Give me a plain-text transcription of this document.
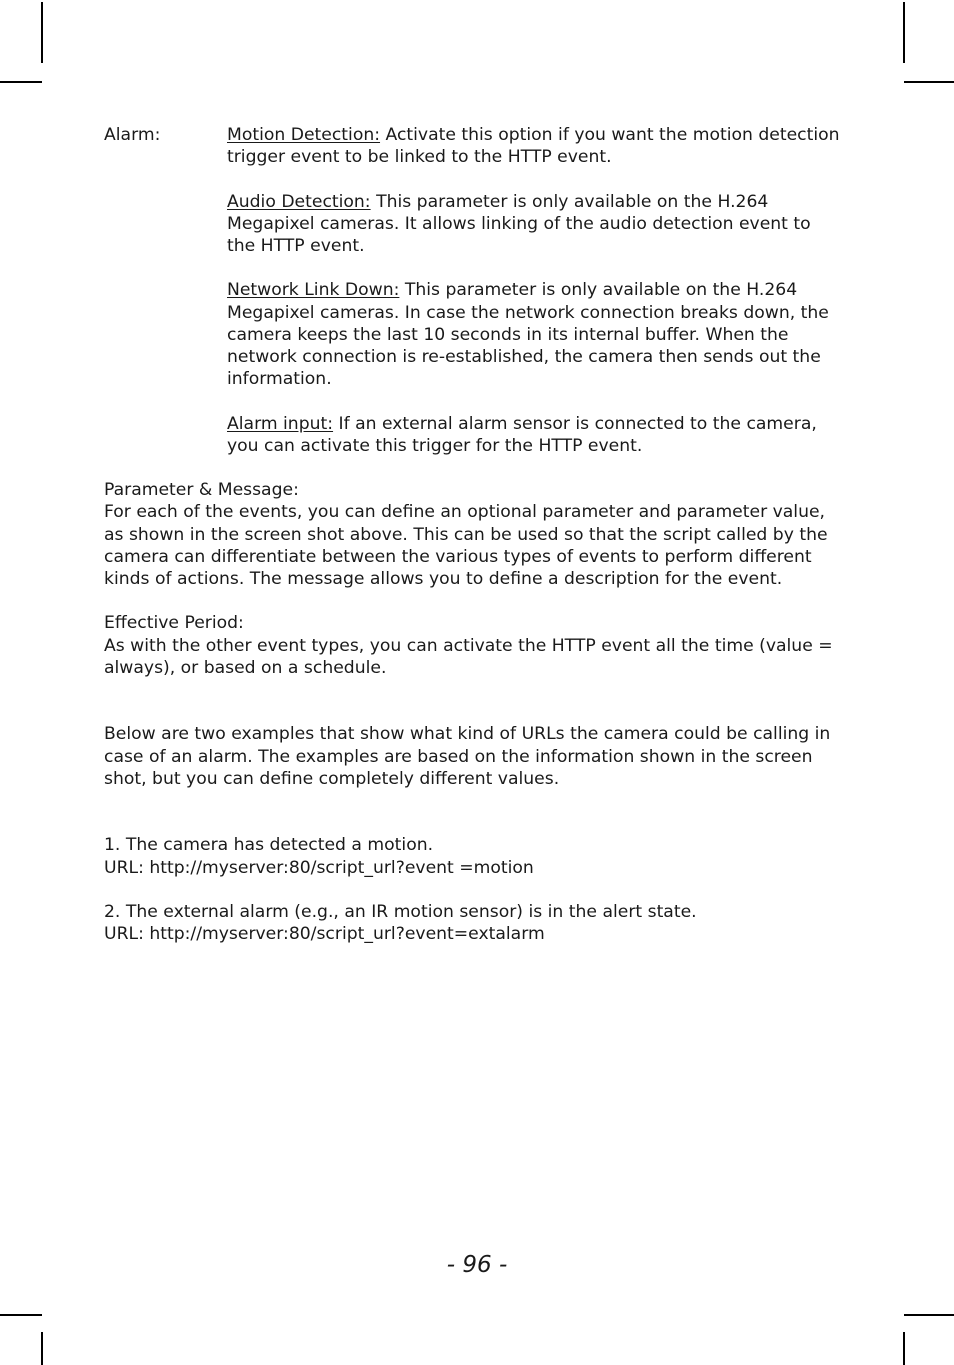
Alarm:	Motion Detection: Activate this option if you want the motion detection trigger event to be linked to the HTTP event.

Audio Detection: This parameter is only available on the H.264 Megapixel cameras. It allows linking of the audio detection event to the HTTP event.

Network Link Down: This parameter is only available on the H.264 Megapixel cameras. In case the network connection breaks down, the camera keeps the last 10 seconds in its internal buffer. When the network connection is re-established, the camera then sends out the information.

Alarm input: If an external alarm sensor is connected to the camera, you can activate this trigger for the HTTP event.

Parameter & Message:

For each of the events, you can define an optional parameter and parameter value, as shown in the screen shot above. This can be used so that the script called by the camera can differentiate between the various types of events to perform different kinds of actions. The message allows you to define a description for the event.

Effective Period:

As with the other event types, you can activate the HTTP event all the time (value = always), or based on a schedule.

Below are two examples that show what kind of URLs the camera could be calling in case of an alarm. The examples are based on the information shown in the screen shot, but you can define completely different values.

1. The camera has detected a motion.
URL: http://myserver:80/script_url?event =motion
2. The external alarm (e.g., an IR motion sensor) is in the alert state.
URL: http://myserver:80/script_url?event=extalarm
- 96 -
